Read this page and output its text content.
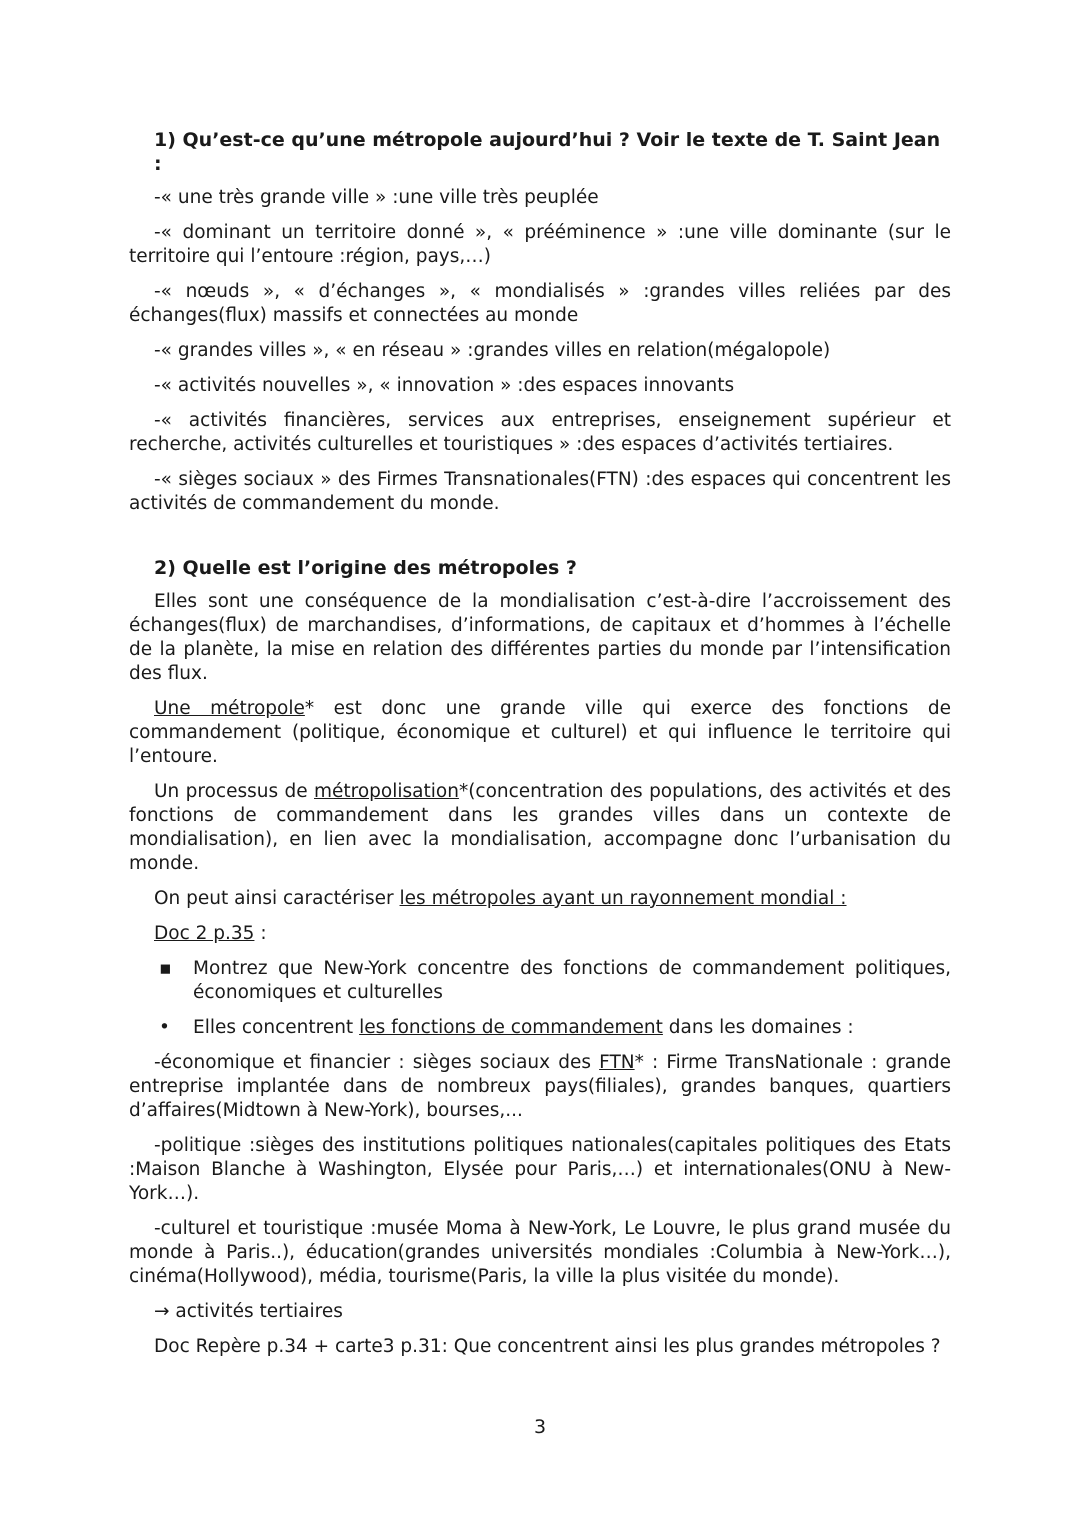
1) Qu’est-ce qu’une métropole aujourd’hui ? Voir le texte de T. Saint Jean :

-« une très grande ville » :une ville très peuplée

-« dominant un territoire donné », « prééminence » :une ville dominante (sur le territoire qui l’entoure :région, pays,…)

-« nœuds », « d’échanges », « mondialisés » :grandes villes reliées par des échanges(flux) massifs et connectées au monde

-« grandes villes », « en réseau » :grandes villes en relation(mégalopole)

-« activités nouvelles », « innovation » :des espaces innovants

-« activités financières, services aux entreprises, enseignement supérieur et recherche, activités culturelles et touristiques » :des espaces d’activités tertiaires.

-« sièges sociaux » des Firmes Transnationales(FTN) :des espaces qui concentrent les activités de commandement du monde.

2) Quelle est l’origine des métropoles ?

Elles sont une conséquence de la mondialisation c’est-à-dire l’accroissement des échanges(flux) de marchandises, d’informations, de capitaux et d’hommes à l’échelle de la planète, la mise en relation des différentes parties du monde par l’intensification des flux.

Une métropole* est donc une grande ville qui exerce des fonctions de commandement (politique, économique et culturel) et qui influence le territoire qui l’entoure.

Un processus de métropolisation*(concentration des populations, des activités et des fonctions de commandement dans les grandes villes dans un contexte de mondialisation), en lien avec la mondialisation, accompagne donc l’urbanisation du monde.

On peut ainsi caractériser les métropoles ayant un rayonnement mondial :

Doc 2 p.35 :

▪ Montrez que New-York concentre des fonctions de commandement politiques, économiques et culturelles
• Elles concentrent les fonctions de commandement dans les domaines :

-économique et financier : sièges sociaux des FTN* : Firme TransNationale : grande entreprise implantée dans de nombreux pays(filiales), grandes banques, quartiers d’affaires(Midtown à New-York), bourses,...

-politique :sièges des institutions politiques nationales(capitales politiques des Etats :Maison Blanche à Washington, Elysée pour Paris,…) et internationales(ONU à New-York…).

-culturel et touristique :musée Moma à New-York, Le Louvre, le plus grand musée du monde à Paris..), éducation(grandes universités mondiales :Columbia à New-York…), cinéma(Hollywood), média, tourisme(Paris, la ville la plus visitée du monde).

→ activités tertiaires

Doc Repère p.34 + carte3 p.31: Que concentrent ainsi les plus grandes métropoles ?

3
